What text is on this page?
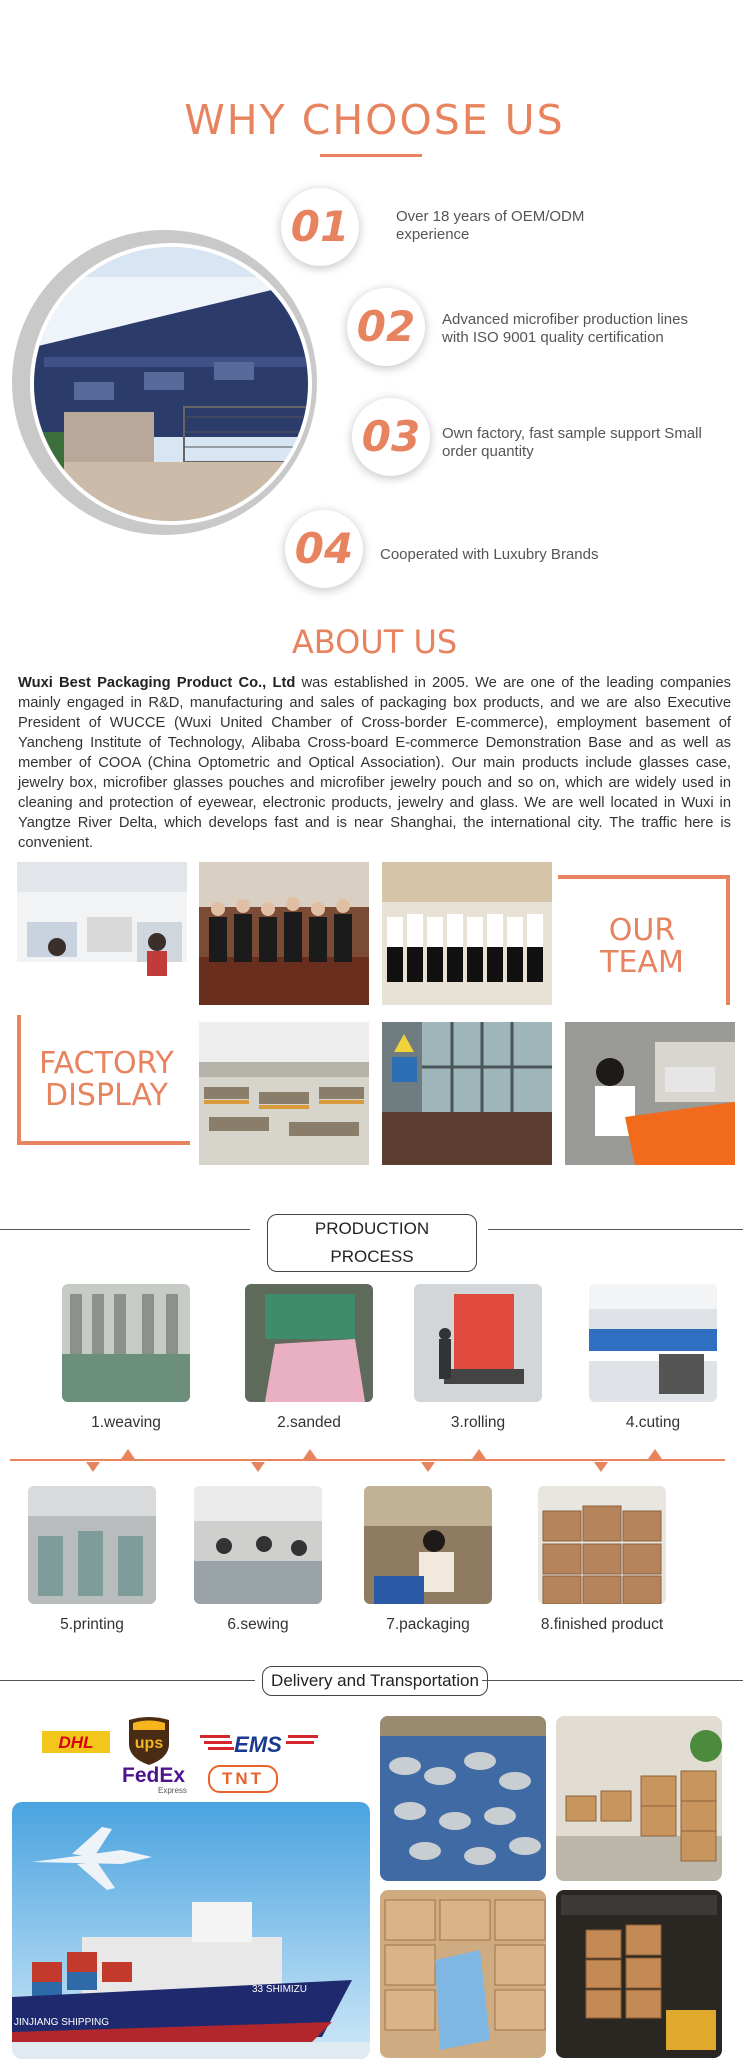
WHY CHOOSE US
01	Over 18 years of OEM/ODM experience
02	Advanced microfiber production lines with ISO 9001 quality certification
03	Own factory, fast sample support Small order quantity
04	Cooperated with Luxubry Brands
ABOUT US
Wuxi Best Packaging Product Co., Ltd was established in 2005. We are one of the leading companies mainly engaged in R&D, manufacturing and sales of packaging box products, and we are also Executive President of WUCCE (Wuxi United Chamber of Cross-border E-commerce), employment basement of Yancheng Institute of Technology, Alibaba Cross-board E-commerce Demonstration Base and as well as member of COOA (China Optometric and Optical Association). Our main products include glasses case, jewelry box, microfiber glasses pouches and microfiber jewelry pouch and so on, which are widely used in cleaning and protection of eyewear, electronic products, jewelry and glass. We are well located in Wuxi in Yangtze River Delta, which develops fast and is near Shanghai, the international city. The traffic here is convenient.
OUR
TEAM
FACTORY
DISPLAY
PRODUCTION PROCESS
1.weaving	2.sanded	3.rolling	4.cuting
5.printing	6.sewing	7.packaging	8.finished product
Delivery and Transportation
DHL	ups	EMS
FedEx
Express
TNT
33 SHIMIZU
JINJIANG SHIPPING
